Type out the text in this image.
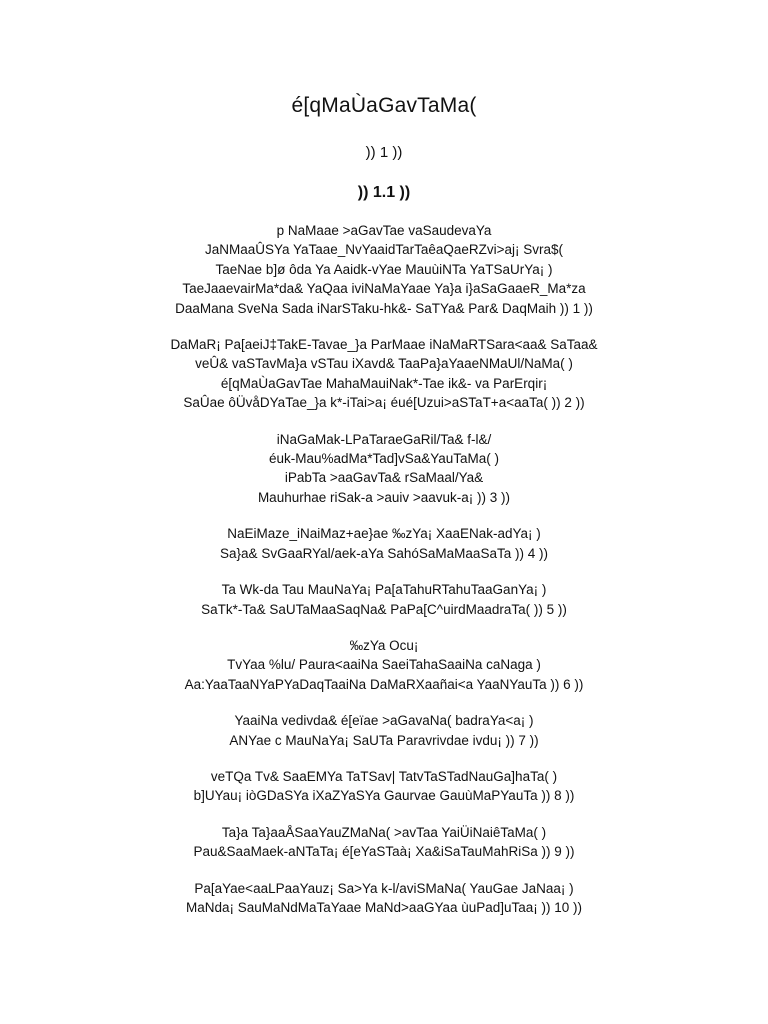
é[qMaÙaGavTaMa(
)) 1 ))
)) 1.1 ))
p NaMaae >aGavTae vaSaudevaYa
JaNMaaÛSYa YaTaae_NvYaaidTarTaêaQaeRZvi>aj¡ Svra$(
TaeNae b]ø ôda Ya Aaidk-vYae MauùiNTa YaTSaUrYa¡ )
TaeJaaevairMa*da& YaQaa iviNaMaYaae Ya}a i}aSaGaaeR_Ma*za
DaaMana SveNa Sada iNarSTaku-hk&- SaTYa& Par& DaqMaih )) 1 ))
DaMaR¡ Pa[aeiJ‡TakE-Tavae_}a ParMaae iNaMaRTSara<aa& SaTaa&
veÛ& vaSTavMa}a vSTau iXavd& TaaPa}aYaaeNMaUl/NaMa( )
é[qMaÙaGavTae MahaMauiNak*-Tae ik&- va ParErqir¡
SaÛae ôÜvåDYaTae_}a k*-iTai>a¡ éué[Uzui>aSTaT+a<aaTa( )) 2 ))
iNaGaMak-LPaTaraeGaRil/Ta& f-l&/
éuk-Mau%adMa*Tad]vSa&YauTaMa( )
iPabTa >aaGavTa& rSaMaal/Ya&
Mauhurhae riSak-a >auiv >aavuk-a¡ )) 3 ))
NaEiMaze_iNaiMaz+ae}ae ‰zYa¡ XaaENak-adYa¡ )
Sa}a& SvGaaRYal/aek-aYa SahóSaMaMaaSaTa )) 4 ))
Ta Wk-da Tau MauNaYa¡ Pa[aTahuRTahuTaaGanYa¡ )
SaTk*-Ta& SaUTaMaaSaqNa& PaPa[C^uirdMaadraTa( )) 5 ))
‰zYa Ocu¡
TvYaa %lu/ Paura<aaiNa SaeiTahaSaaiNa caNaga )
Aa:YaaTaaNYaPYaDaqTaaiNa DaMaRXaañai<a YaaNYauTa )) 6 ))
YaaiNa vedivda& é[eïae >aGavaNa( badraYa<a¡ )
ANYae c MauNaYa¡ SaUTa Paravrivdae ivdu¡ )) 7 ))
veTQa Tv& SaaEMYa TaTSav| TatvTaSTadNauGa]haTa( )
b]UYau¡ iòGDaSYa iXaZYaSYa Gaurvae GauùMaPYauTa )) 8 ))
Ta}a Ta}aaÅSaaYauZMaNa( >avTaa YaiÜiNaiêTaMa( )
Pau&SaaMaek-aNTaTa¡ é[eYaSTaà¡ Xa&iSaTauMahRiSa )) 9 ))
Pa[aYae<aaLPaaYauz¡ Sa>Ya k-l/aviSMaNa( YauGae JaNaa¡ )
MaNda¡ SauMaNdMaTaYaae MaNd>aaGYaa ùuPad]uTaa¡ )) 10 ))
